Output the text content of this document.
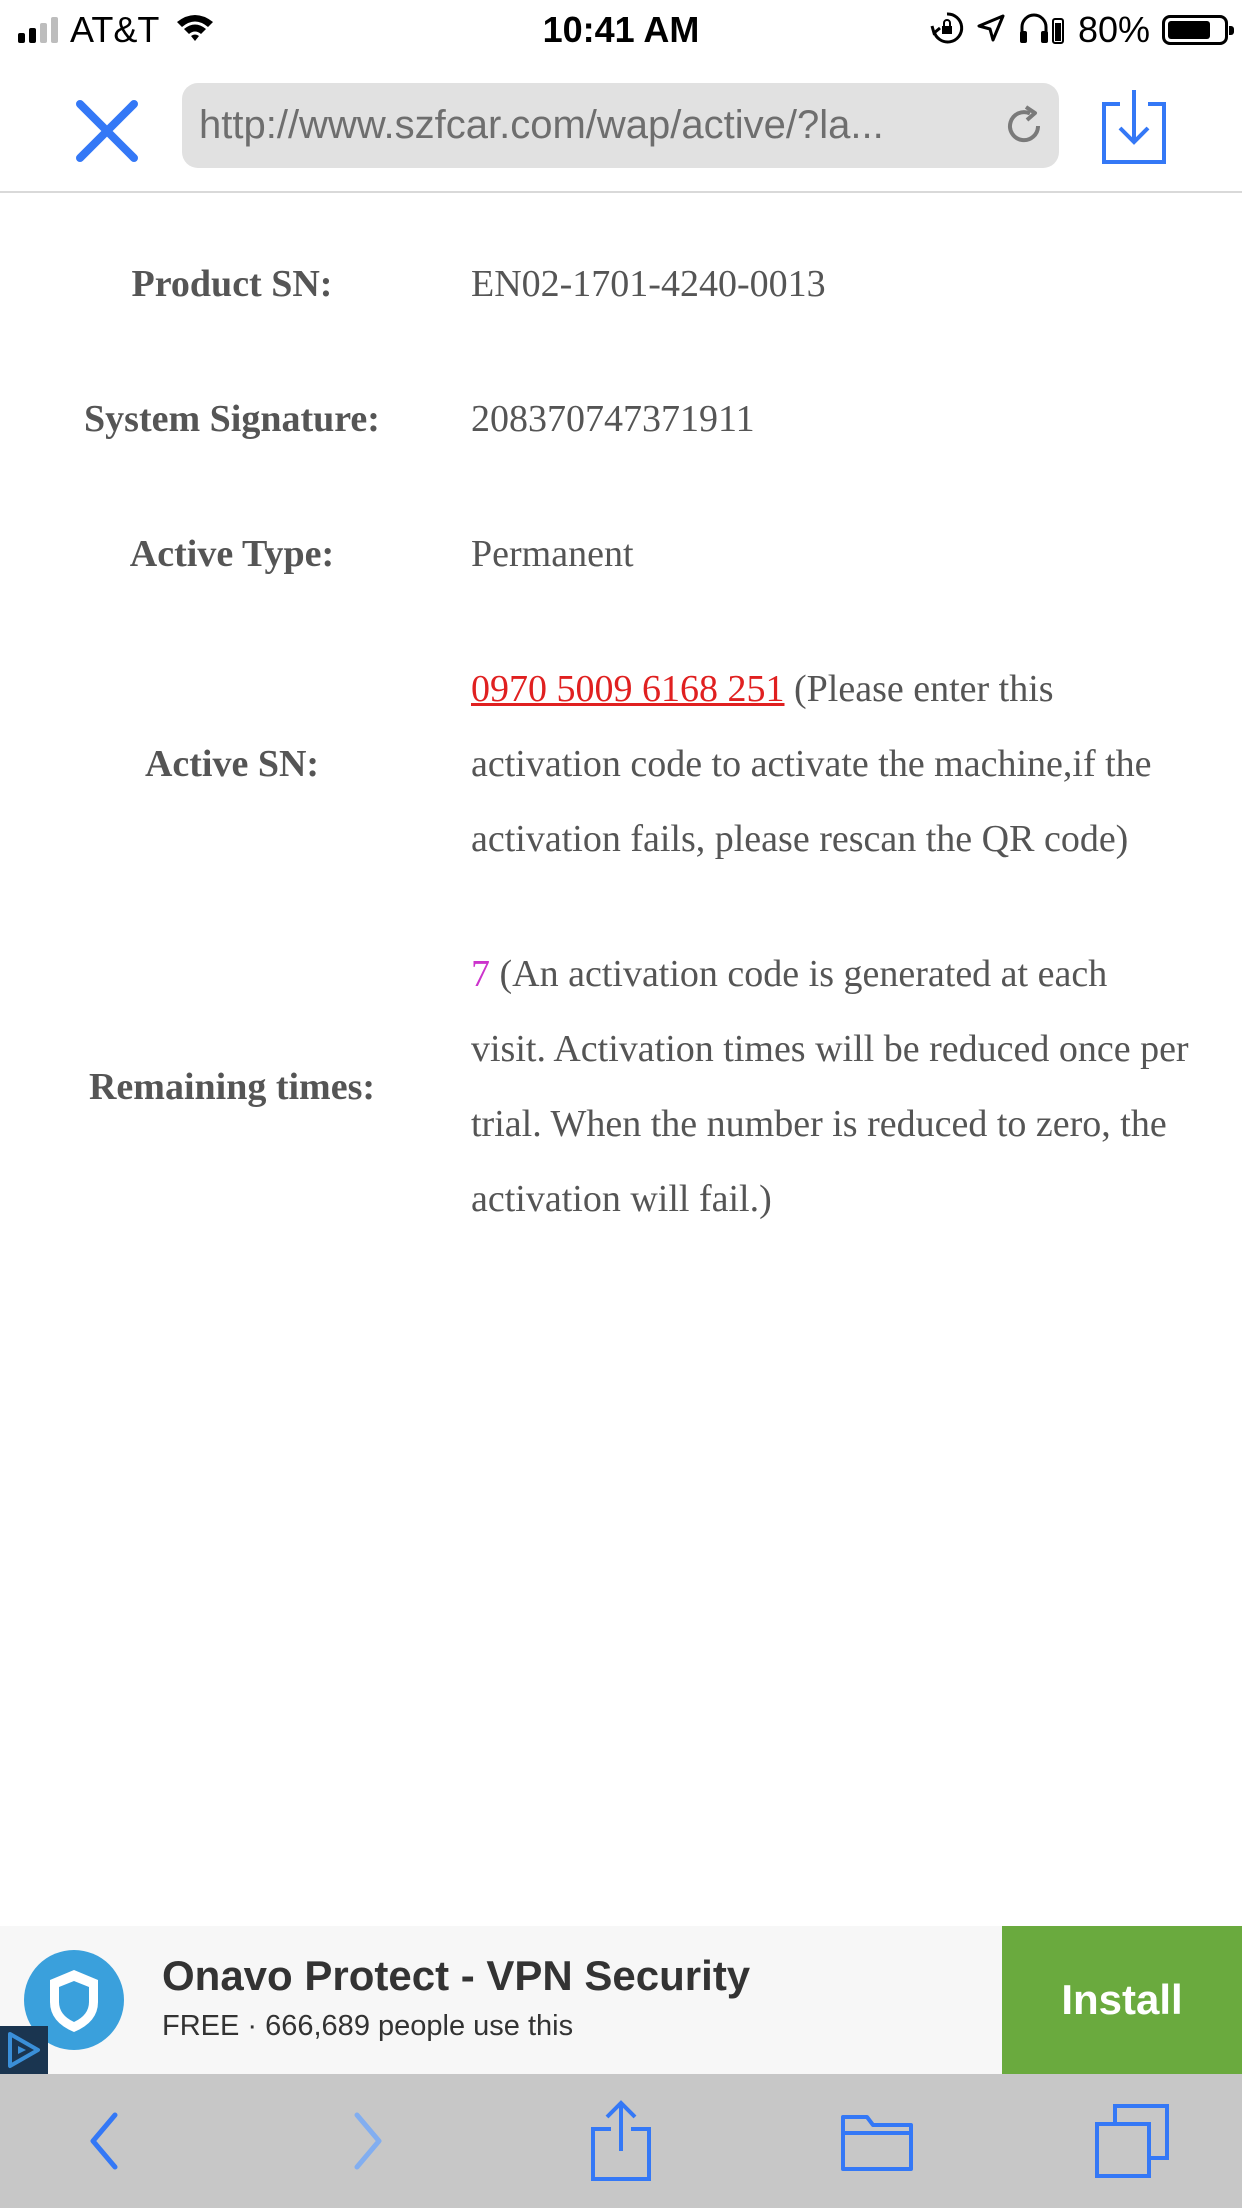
AT&T	10:41 AM	80%
http://www.szfcar.com/wap/active/?la...
Product SN:	EN02-1701-4240-0013
System Signature:	208370747371911
Active Type:	Permanent
Active SN:
0970 5009 6168 251 (Please enter this activation code to activate the machine,if the activation fails, please rescan the QR code)
Remaining times:
7 (An activation code is generated at each visit. Activation times will be reduced once per trial. When the number is reduced to zero, the activation will fail.)
Onavo Protect - VPN Security
FREE · 666,689 people use this
Install
